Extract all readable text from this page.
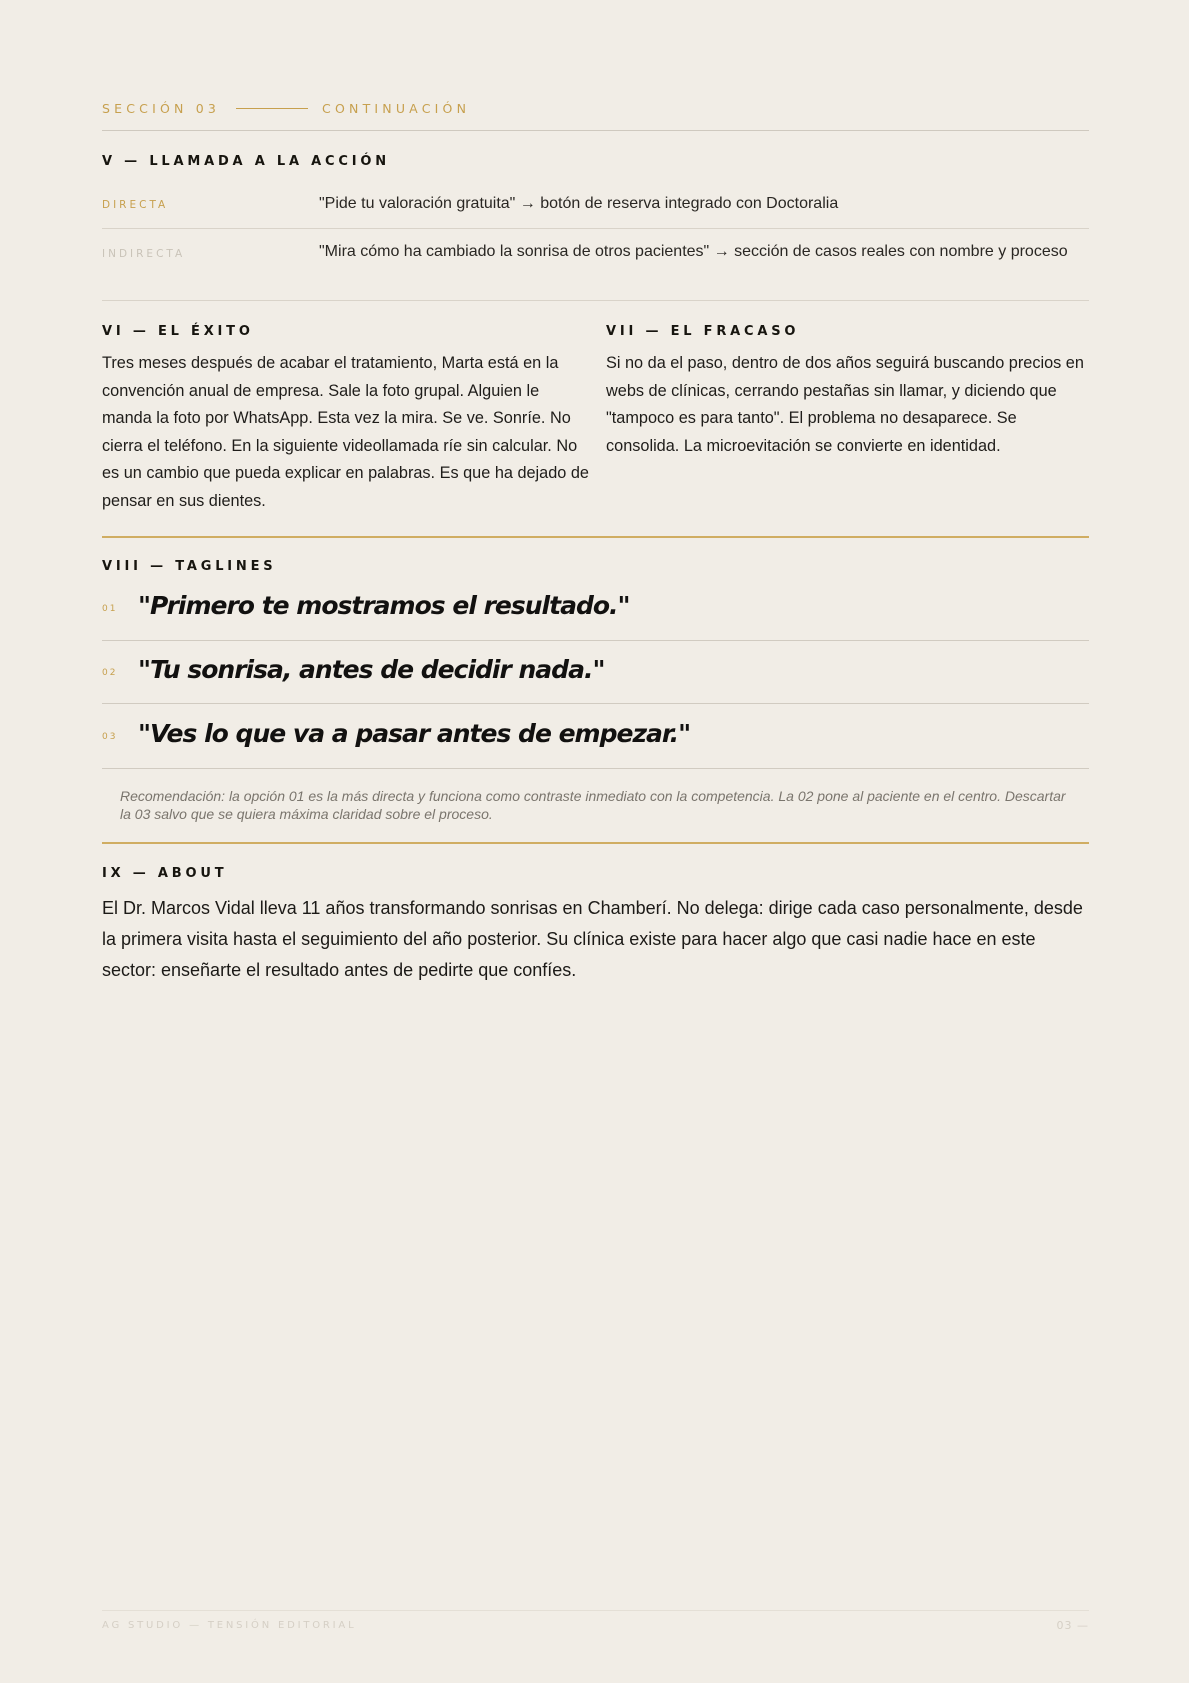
SECCIÓN 03	CONTINUACIÓN
V — LLAMADA A LA ACCIÓN
DIRECTA	"Pide tu valoración gratuita" → botón de reserva integrado con Doctoralia
INDIRECTA	"Mira cómo ha cambiado la sonrisa de otros pacientes" → sección de casos reales con nombre y proceso
VI — EL ÉXITO
Tres meses después de acabar el tratamiento, Marta está en la convención anual de empresa. Sale la foto grupal. Alguien le manda la foto por WhatsApp. Esta vez la mira. Se ve. Sonríe. No cierra el teléfono. En la siguiente videollamada ríe sin calcular. No es un cambio que pueda explicar en palabras. Es que ha dejado de pensar en sus dientes.
VII — EL FRACASO
Si no da el paso, dentro de dos años seguirá buscando precios en webs de clínicas, cerrando pestañas sin llamar, y diciendo que "tampoco es para tanto". El problema no desaparece. Se consolida. La microevitación se convierte en identidad.
VIII — TAGLINES
01 "Primero te mostramos el resultado."
02 "Tu sonrisa, antes de decidir nada."
03 "Ves lo que va a pasar antes de empezar."
Recomendación: la opción 01 es la más directa y funciona como contraste inmediato con la competencia. La 02 pone al paciente en el centro. Descartar la 03 salvo que se quiera máxima claridad sobre el proceso.
IX — ABOUT
El Dr. Marcos Vidal lleva 11 años transformando sonrisas en Chamberí. No delega: dirige cada caso personalmente, desde la primera visita hasta el seguimiento del año posterior. Su clínica existe para hacer algo que casi nadie hace en este sector: enseñarte el resultado antes de pedirte que confíes.
AG STUDIO — TENSIÓN EDITORIAL	03 —
